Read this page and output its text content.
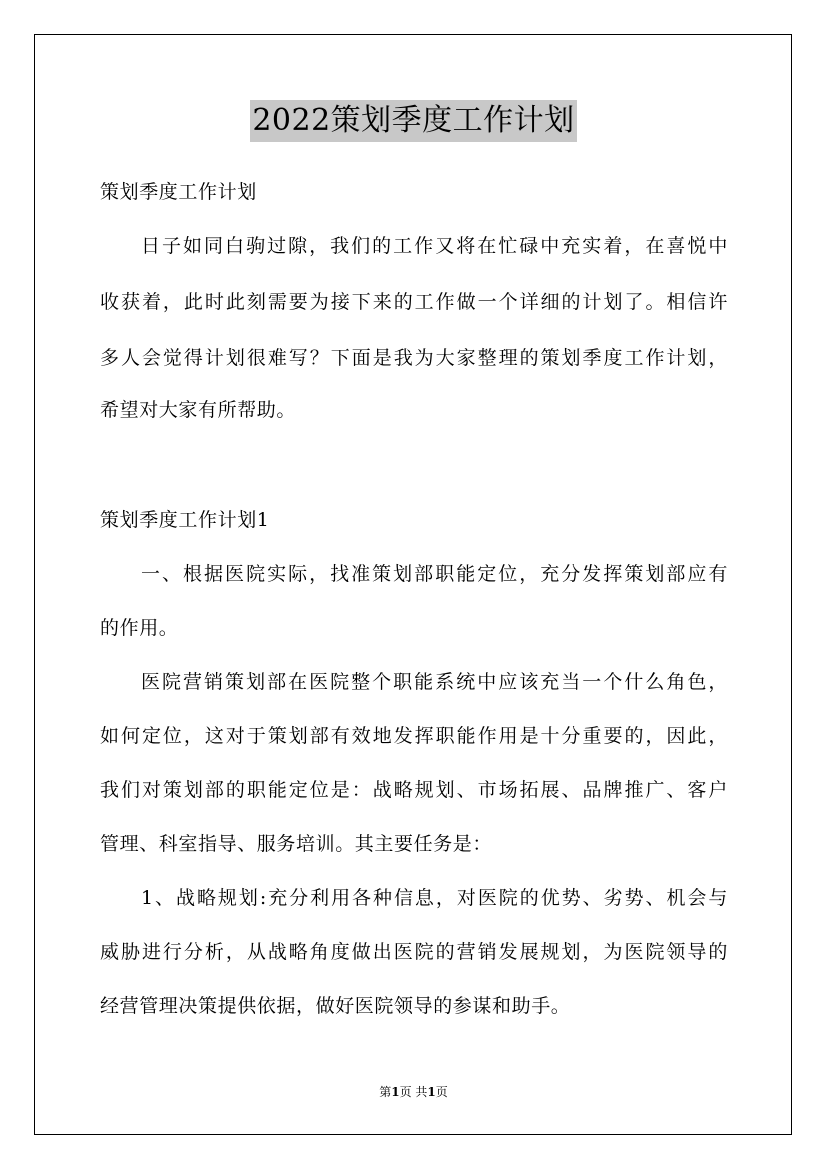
2022策划季度工作计划
策划季度工作计划
日子如同白驹过隙，我们的工作又将在忙碌中充实着，在喜悦中
收获着，此时此刻需要为接下来的工作做一个详细的计划了。相信许
多人会觉得计划很难写？下面是我为大家整理的策划季度工作计划，
希望对大家有所帮助。
策划季度工作计划1
一、根据医院实际，找准策划部职能定位，充分发挥策划部应有
的作用。
医院营销策划部在医院整个职能系统中应该充当一个什么角色，
如何定位，这对于策划部有效地发挥职能作用是十分重要的，因此，
我们对策划部的职能定位是：战略规划、市场拓展、品牌推广、客户
管理、科室指导、服务培训。其主要任务是：
1、战略规划:充分利用各种信息，对医院的优势、劣势、机会与
威胁进行分析，从战略角度做出医院的营销发展规划，为医院领导的
经营管理决策提供依据，做好医院领导的参谋和助手。
第1页 共1页
